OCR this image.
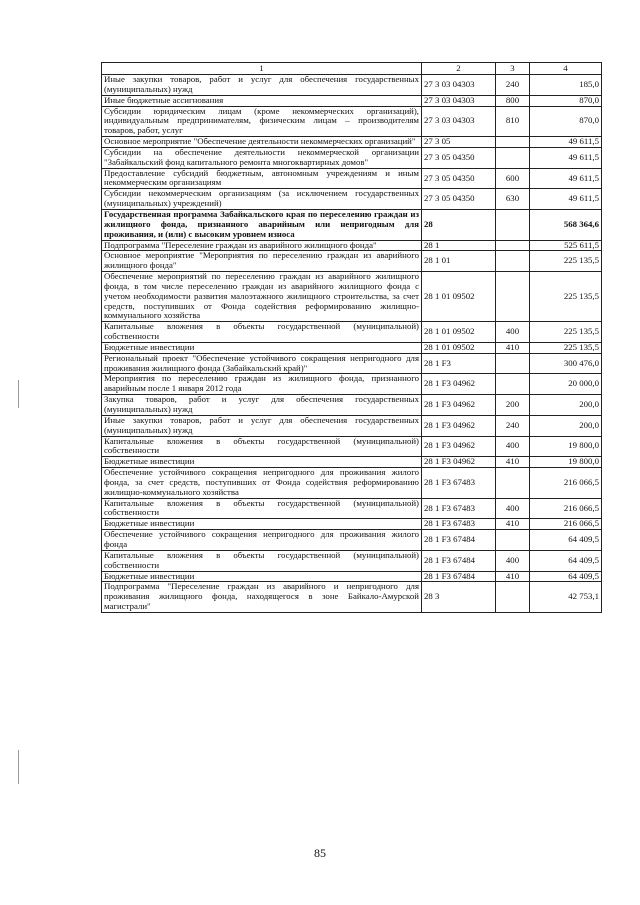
1	2	3	4
Иные закупки товаров, работ и услуг для обеспечения государственных (муниципальных) нужд	27 3 03 04303	240	185,0
Иные бюджетные ассигнования	27 3 03 04303	800	870,0
Субсидии юридическим лицам (кроме некоммерческих организаций), индивидуальным предпринимателям, физическим лицам – производителям товаров, работ, услуг	27 3 03 04303	810	870,0
Основное мероприятие "Обеспечение деятельности некоммерческих организаций"	27 3 05		49 611,5
Субсидии на обеспечение деятельности некоммерческой организации "Забайкальский фонд капитального ремонта многоквартирных домов"	27 3 05 04350		49 611,5
Предоставление субсидий бюджетным, автономным учреждениям и иным некоммерческим организациям	27 3 05 04350	600	49 611,5
Субсидии некоммерческим организациям (за исключением государственных (муниципальных) учреждений)	27 3 05 04350	630	49 611,5
Государственная программа Забайкальского края по переселению граждан из жилищного фонда, признанного аварийным или непригодным для проживания, и (или) с высоким уровнем износа	28		568 364,6
Подпрограмма "Переселение граждан из аварийного жилищного фонда"	28 1		525 611,5
Основное мероприятие "Мероприятия по переселению граждан из аварийного жилищного фонда"	28 1 01		225 135,5
Обеспечение мероприятий по переселению граждан из аварийного жилищного фонда, в том числе переселению граждан из аварийного жилищного фонда с учетом необходимости развития малоэтажного жилищного строительства, за счет средств, поступивших от Фонда содействия реформированию жилищно-коммунального хозяйства	28 1 01 09502		225 135,5
Капитальные вложения в объекты государственной (муниципальной) собственности	28 1 01 09502	400	225 135,5
Бюджетные инвестиции	28 1 01 09502	410	225 135,5
Региональный проект "Обеспечение устойчивого сокращения непригодного для проживания жилищного фонда (Забайкальский край)"	28 1 F3		300 476,0
Мероприятия по переселению граждан из жилищного фонда, признанного аварийным после 1 января 2012 года	28 1 F3 04962		20 000,0
Закупка товаров, работ и услуг для обеспечения государственных (муниципальных) нужд	28 1 F3 04962	200	200,0
Иные закупки товаров, работ и услуг для обеспечения государственных (муниципальных) нужд	28 1 F3 04962	240	200,0
Капитальные вложения в объекты государственной (муниципальной) собственности	28 1 F3 04962	400	19 800,0
Бюджетные инвестиции	28 1 F3 04962	410	19 800,0
Обеспечение устойчивого сокращения непригодного для проживания жилого фонда, за счет средств, поступивших от Фонда содействия реформированию жилищно-коммунального хозяйства	28 1 F3 67483		216 066,5
Капитальные вложения в объекты государственной (муниципальной) собственности	28 1 F3 67483	400	216 066,5
Бюджетные инвестиции	28 1 F3 67483	410	216 066,5
Обеспечение устойчивого сокращения непригодного для проживания жилого фонда	28 1 F3 67484		64 409,5
Капитальные вложения в объекты государственной (муниципальной) собственности	28 1 F3 67484	400	64 409,5
Бюджетные инвестиции	28 1 F3 67484	410	64 409,5
Подпрограмма "Переселение граждан из аварийного и непригодного для проживания жилищного фонда, находящегося в зоне Байкало-Амурской магистрали"	28 3		42 753,1
85
